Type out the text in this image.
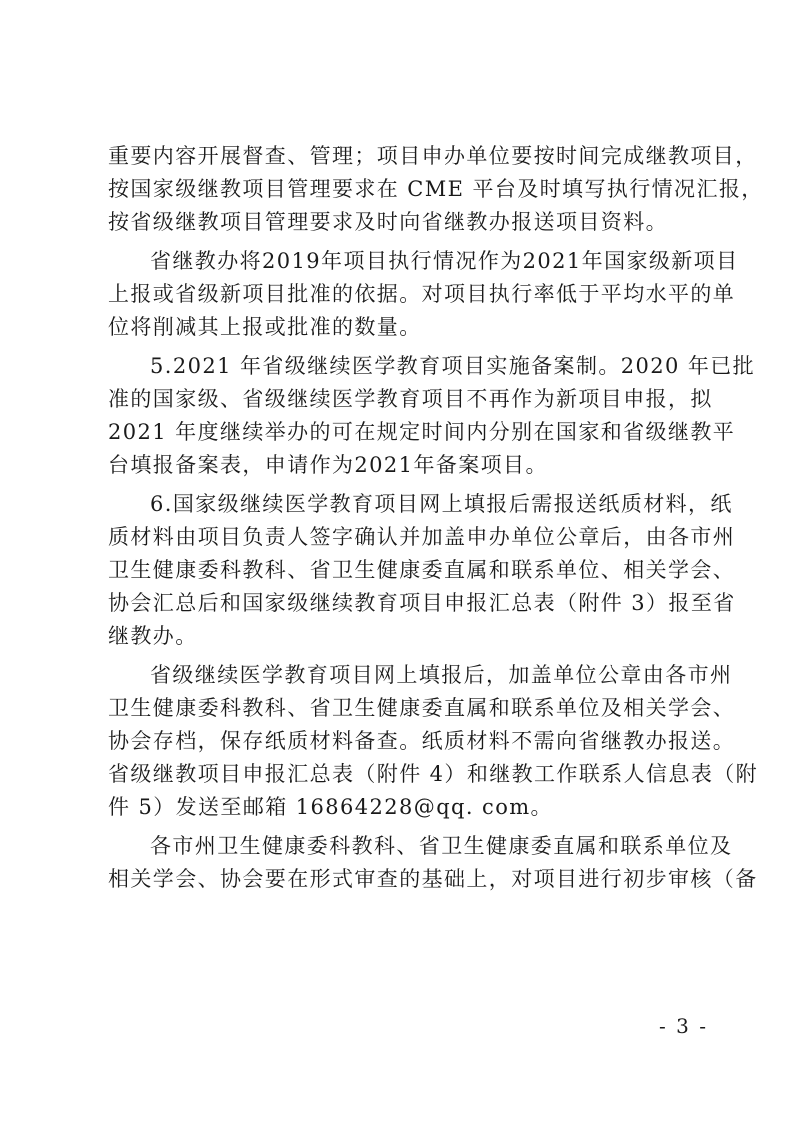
重要内容开展督查、管理；项目申办单位要按时间完成继教项目，
按国家级继教项目管理要求在 CME 平台及时填写执行情况汇报，
按省级继教项目管理要求及时向省继教办报送项目资料。
省继教办将2019年项目执行情况作为2021年国家级新项目
上报或省级新项目批准的依据。对项目执行率低于平均水平的单
位将削减其上报或批准的数量。
5.2021 年省级继续医学教育项目实施备案制。2020 年已批
准的国家级、省级继续医学教育项目不再作为新项目申报，拟
2021 年度继续举办的可在规定时间内分别在国家和省级继教平
台填报备案表，申请作为2021年备案项目。
6.国家级继续医学教育项目网上填报后需报送纸质材料，纸
质材料由项目负责人签字确认并加盖申办单位公章后，由各市州
卫生健康委科教科、省卫生健康委直属和联系单位、相关学会、
协会汇总后和国家级继续教育项目申报汇总表（附件 3）报至省
继教办。
省级继续医学教育项目网上填报后，加盖单位公章由各市州
卫生健康委科教科、省卫生健康委直属和联系单位及相关学会、
协会存档，保存纸质材料备查。纸质材料不需向省继教办报送。
省级继教项目申报汇总表（附件 4）和继教工作联系人信息表（附
件 5）发送至邮箱 16864228@qq. com。
各市州卫生健康委科教科、省卫生健康委直属和联系单位及
相关学会、协会要在形式审查的基础上，对项目进行初步审核（备
- 3 -
